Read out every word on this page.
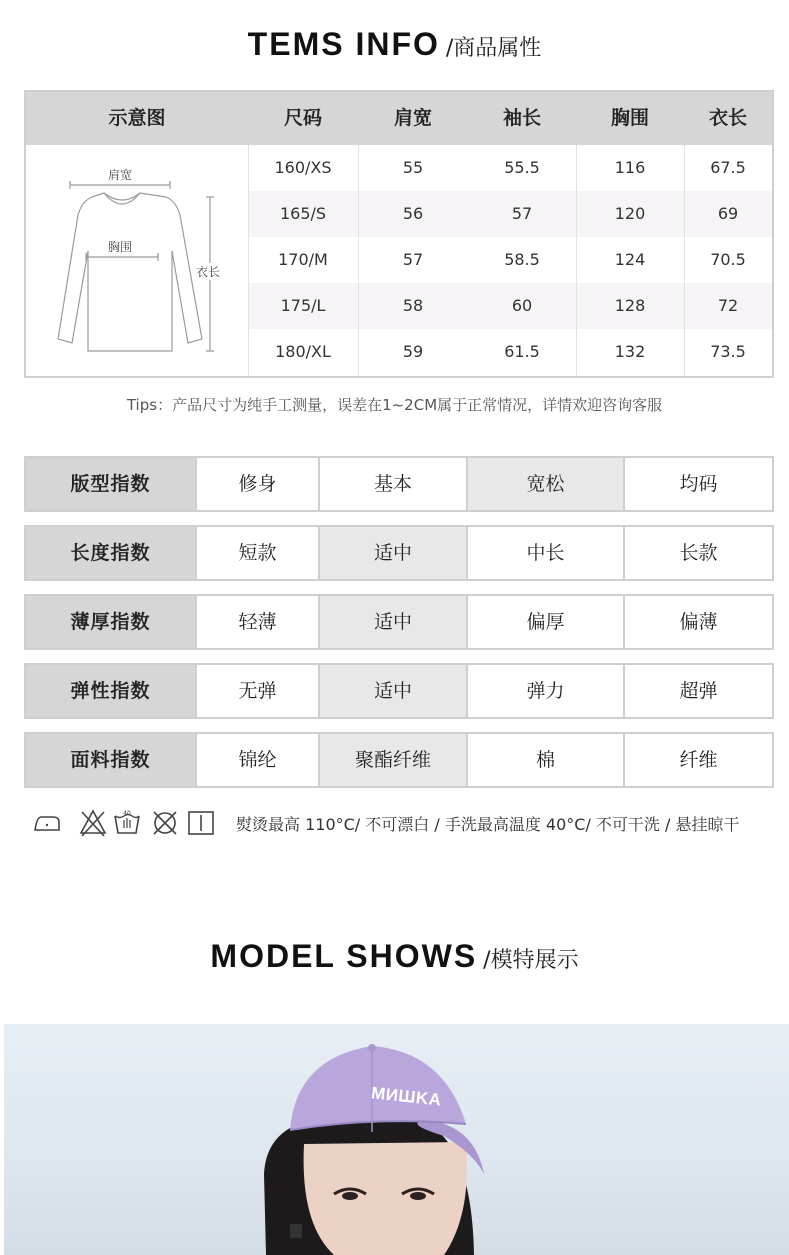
TEMS INFO /商品属性
示意图	尺码	肩宽	袖长	胸围	衣长
肩宽
胸围
衣长
160/XS	55	55.5	116	67.5
165/S	56	57	120	69
170/M	57	58.5	124	70.5
175/L	58	60	128	72
180/XL	59	61.5	132	73.5
Tips：产品尺寸为纯手工测量，误差在1~2CM属于正常情况，详情欢迎咨询客服
版型指数	修身	基本	宽松	均码
长度指数	短款	适中	中长	长款
薄厚指数	轻薄	适中	偏厚	偏薄
弹性指数	无弹	适中	弹力	超弹
面料指数	锦纶	聚酯纤维	棉	纤维
40
熨烫最高 110°C/ 不可漂白 / 手洗最高温度 40°C/ 不可干洗 / 悬挂晾干
MODEL SHOWS /模特展示
MИШKA
